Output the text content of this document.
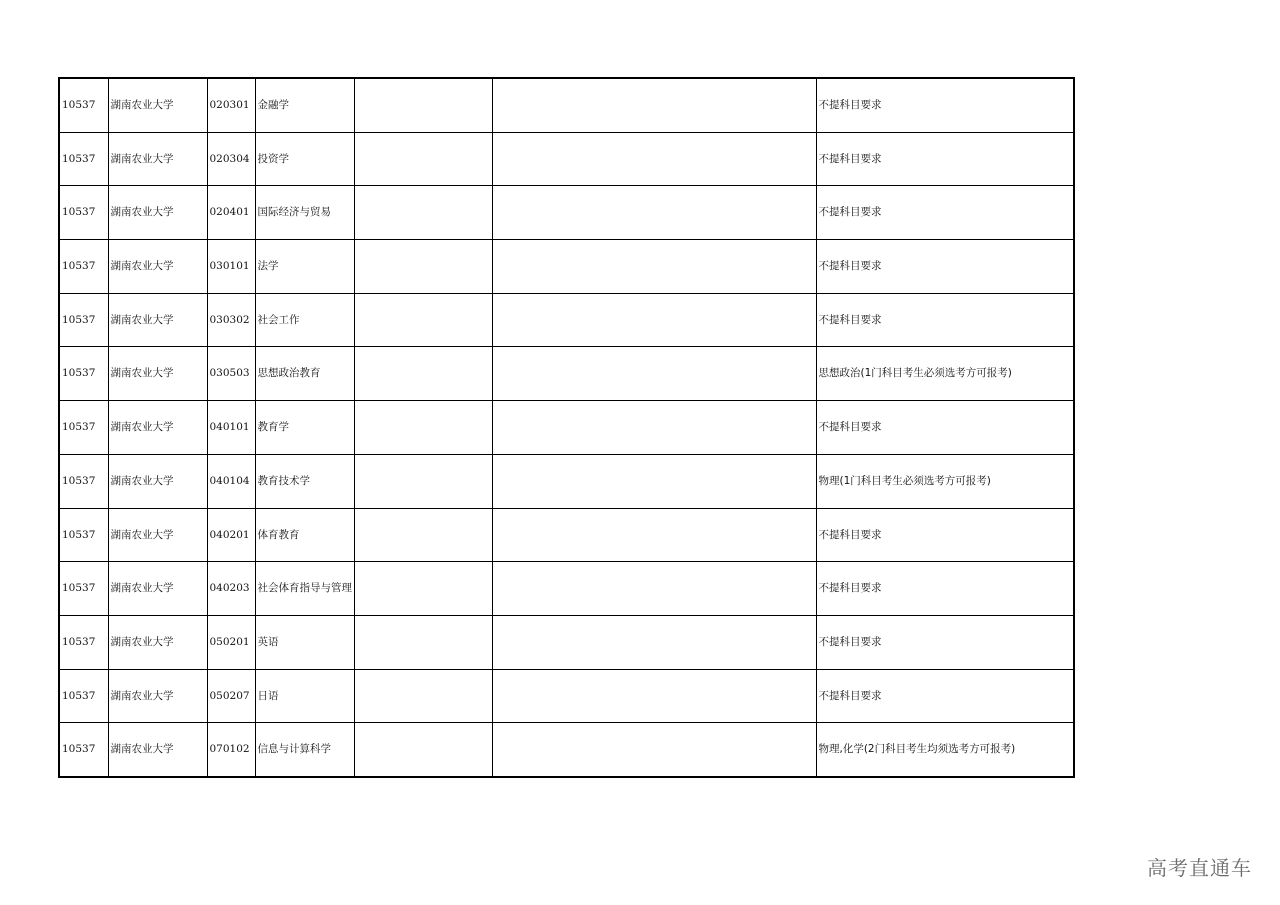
10537	湖南农业大学	020301	金融学			不提科目要求
10537	湖南农业大学	020304	投资学			不提科目要求
10537	湖南农业大学	020401	国际经济与贸易			不提科目要求
10537	湖南农业大学	030101	法学			不提科目要求
10537	湖南农业大学	030302	社会工作			不提科目要求
10537	湖南农业大学	030503	思想政治教育			思想政治(1门科目考生必须选考方可报考)
10537	湖南农业大学	040101	教育学			不提科目要求
10537	湖南农业大学	040104	教育技术学			物理(1门科目考生必须选考方可报考)
10537	湖南农业大学	040201	体育教育			不提科目要求
10537	湖南农业大学	040203	社会体育指导与管理			不提科目要求
10537	湖南农业大学	050201	英语			不提科目要求
10537	湖南农业大学	050207	日语			不提科目要求
10537	湖南农业大学	070102	信息与计算科学			物理,化学(2门科目考生均须选考方可报考)
高考直通车
